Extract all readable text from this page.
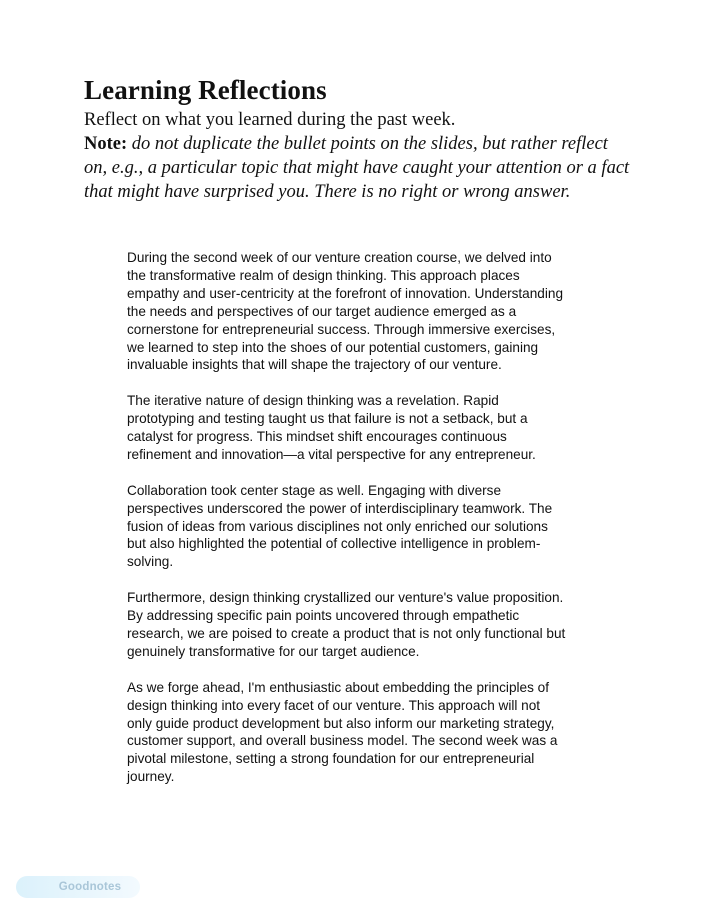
Learning Reflections

Reflect on what you learned during the past week.

Note: do not duplicate the bullet points on the slides, but rather reflect on, e.g., a particular topic that might have caught your attention or a fact that might have surprised you. There is no right or wrong answer.

During the second week of our venture creation course, we delved into the transformative realm of design thinking. This approach places empathy and user-centricity at the forefront of innovation. Understanding the needs and perspectives of our target audience emerged as a cornerstone for entrepreneurial success. Through immersive exercises, we learned to step into the shoes of our potential customers, gaining invaluable insights that will shape the trajectory of our venture.

The iterative nature of design thinking was a revelation. Rapid prototyping and testing taught us that failure is not a setback, but a catalyst for progress. This mindset shift encourages continuous refinement and innovation—a vital perspective for any entrepreneur.

Collaboration took center stage as well. Engaging with diverse perspectives underscored the power of interdisciplinary teamwork. The fusion of ideas from various disciplines not only enriched our solutions but also highlighted the potential of collective intelligence in problem-solving.

Furthermore, design thinking crystallized our venture's value proposition. By addressing specific pain points uncovered through empathetic research, we are poised to create a product that is not only functional but genuinely transformative for our target audience.

As we forge ahead, I'm enthusiastic about embedding the principles of design thinking into every facet of our venture. This approach will not only guide product development but also inform our marketing strategy, customer support, and overall business model. The second week was a pivotal milestone, setting a strong foundation for our entrepreneurial journey.

Goodnotes
